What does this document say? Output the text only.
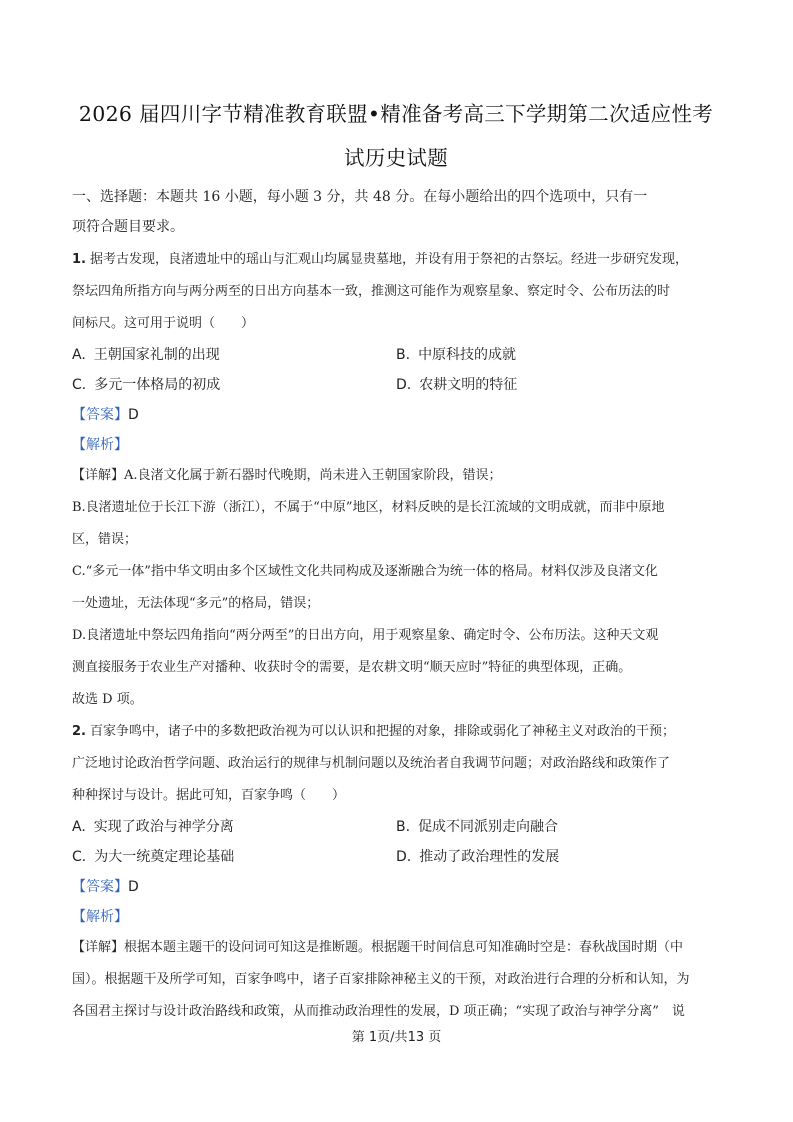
2026 届四川字节精准教育联盟•精准备考高三下学期第二次适应性考
试历史试题

一、选择题：本题共 16 小题，每小题 3 分，共 48 分。在每小题给出的四个选项中，只有一

项符合题目要求。

1. 据考古发现，良渚遗址中的瑶山与汇观山均属显贵墓地，并设有用于祭祀的古祭坛。经进一步研究发现，

祭坛四角所指方向与两分两至的日出方向基本一致，推测这可能作为观察星象、察定时令、公布历法的时

间标尺。这可用于说明（　　）

A. 王朝国家礼制的出现	B. 中原科技的成就
C. 多元一体格局的初成	D. 农耕文明的特征

【答案】D

【解析】

【详解】A.良渚文化属于新石器时代晚期，尚未进入王朝国家阶段，错误；

B.良渚遗址位于长江下游（浙江），不属于“中原”地区，材料反映的是长江流域的文明成就，而非中原地

区，错误；

C.“多元一体”指中华文明由多个区域性文化共同构成及逐渐融合为统一体的格局。材料仅涉及良渚文化

一处遗址，无法体现“多元”的格局，错误；

D.良渚遗址中祭坛四角指向“两分两至”的日出方向，用于观察星象、确定时令、公布历法。这种天文观

测直接服务于农业生产对播种、收获时令的需要，是农耕文明“顺天应时”特征的典型体现，正确。

故选 D 项。

2. 百家争鸣中，诸子中的多数把政治视为可以认识和把握的对象，排除或弱化了神秘主义对政治的干预；

广泛地讨论政治哲学问题、政治运行的规律与机制问题以及统治者自我调节问题；对政治路线和政策作了

种种探讨与设计。据此可知，百家争鸣（　　）

A. 实现了政治与神学分离	B. 促成不同派别走向融合
C. 为大一统奠定理论基础	D. 推动了政治理性的发展

【答案】D

【解析】

【详解】根据本题主题干的设问词可知这是推断题。根据题干时间信息可知准确时空是：春秋战国时期（中

国）。根据题干及所学可知，百家争鸣中，诸子百家排除神秘主义的干预，对政治进行合理的分析和认知，为

各国君主探讨与设计政治路线和政策，从而推动政治理性的发展，D 项正确；“实现了政治与神学分离”　说

第 1页/共13 页
